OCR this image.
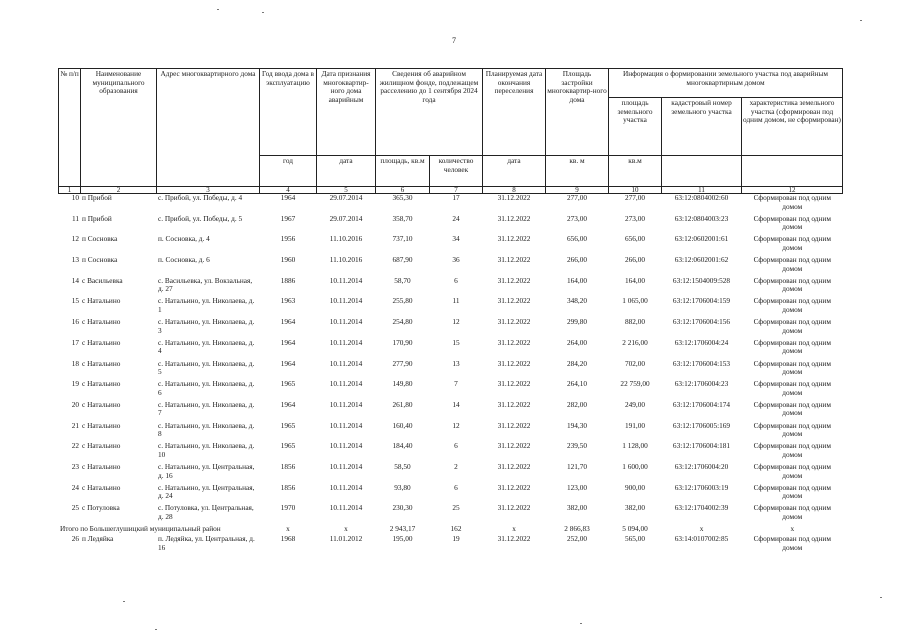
7
№ п/п	Наименование муниципального образования	Адрес многоквартирного дома	Год ввода дома в эксплуатацию	Дата признания многоквартир-ного дома аварийным	Сведения об аварийном жилищном фонде, подлежащем расселению до 1 сентября 2024 года		Планируемая дата окончания переселения	Площадь застройки многоквартир-ного дома	Информация о формировании земельного участка под аварийным многоквартирным домом		
									площадь земельного участка	кадастровый номер земельного участка	характеристика земельного участка (сформирован под одним домом, не сформирован)
			год	дата	площадь, кв.м	количество человек	дата	кв. м	кв.м		
1	2	3	4	5	6	7	8	9	10	11	12
10	п Прибой	с. Прибой, ул. Победы, д. 4	1964	29.07.2014	365,30	17	31.12.2022	277,00	277,00	63:12:0804002:60	Сформирован под одним домом
11	п Прибой	с. Прибой, ул. Победы, д. 5	1967	29.07.2014	358,70	24	31.12.2022	273,00	273,00	63:12:0804003:23	Сформирован под одним домом
12	п Сосновка	п. Сосновка, д. 4	1956	11.10.2016	737,10	34	31.12.2022	656,00	656,00	63:12:0602001:61	Сформирован под одним домом
13	п Сосновка	п. Сосновка, д. 6	1960	11.10.2016	687,90	36	31.12.2022	266,00	266,00	63:12:0602001:62	Сформирован под одним домом
14	с Васильевка	с. Васильевка, ул. Вокзальная, д. 27	1886	10.11.2014	58,70	6	31.12.2022	164,00	164,00	63:12:1504009:528	Сформирован под одним домом
15	с Натальино	с. Натальино, ул. Николаева, д. 1	1963	10.11.2014	255,80	11	31.12.2022	348,20	1 065,00	63:12:1706004:159	Сформирован под одним домом
16	с Натальино	с. Натальино, ул. Николаева, д. 3	1964	10.11.2014	254,80	12	31.12.2022	299,80	882,00	63:12:1706004:156	Сформирован под одним домом
17	с Натальино	с. Натальино, ул. Николаева, д. 4	1964	10.11.2014	170,90	15	31.12.2022	264,00	2 216,00	63:12:1706004:24	Сформирован под одним домом
18	с Натальино	с. Натальино, ул. Николаева, д. 5	1964	10.11.2014	277,90	13	31.12.2022	284,20	702,00	63:12:1706004:153	Сформирован под одним домом
19	с Натальино	с. Натальино, ул. Николаева, д. 6	1965	10.11.2014	149,80	7	31.12.2022	264,10	22 759,00	63:12:1706004:23	Сформирован под одним домом
20	с Натальино	с. Натальино, ул. Николаева, д. 7	1964	10.11.2014	261,80	14	31.12.2022	282,00	249,00	63:12:1706004:174	Сформирован под одним домом
21	с Натальино	с. Натальино, ул. Николаева, д. 8	1965	10.11.2014	160,40	12	31.12.2022	194,30	191,00	63:12:1706005:169	Сформирован под одним домом
22	с Натальино	с. Натальино, ул. Николаева, д. 10	1965	10.11.2014	184,40	6	31.12.2022	239,50	1 128,00	63:12:1706004:181	Сформирован под одним домом
23	с Натальино	с. Натальино, ул. Центральная, д. 16	1856	10.11.2014	58,50	2	31.12.2022	121,70	1 600,00	63:12:1706004:20	Сформирован под одним домом
24	с Натальино	с. Натальино, ул. Центральная, д. 24	1856	10.11.2014	93,80	6	31.12.2022	123,00	900,00	63:12:1706003:19	Сформирован под одним домом
25	с Потуловка	с. Потуловка, ул. Центральная, д. 28	1970	10.11.2014	230,30	25	31.12.2022	382,00	382,00	63:12:1704002:39	Сформирован под одним домом
Итого по Большеглушицкий муниципальный район			х	х	2 943,17	162	х	2 866,83	5 094,00	х	х
26	п Ледяйка	п. Ледяйка, ул. Центральная, д. 16	1968	11.01.2012	195,00	19	31.12.2022	252,00	565,00	63:14:0107002:85	Сформирован под одним домом
